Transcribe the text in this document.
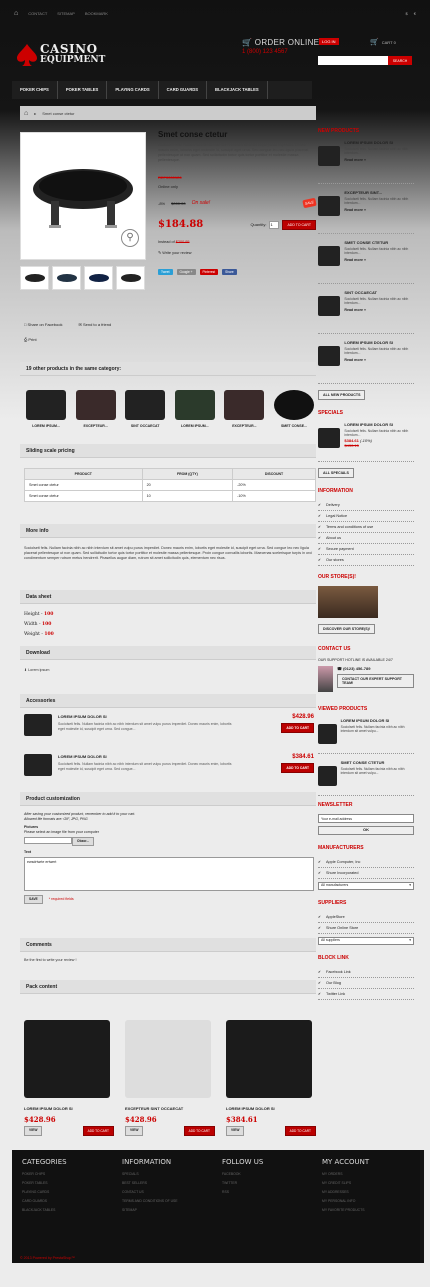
⌂	CONTACT	SITEMAP	BOOKMARK	$ €
CASINO
EQUIPMENT
🛒 ORDER ONLINE
1 (800) 123 4567
LOG IN	🛒 CART 0
SEARCH
POKER CHIPS	POKER TABLES	PLAYING CARDS	CARD GUARDS	BLACKJACK TABLES
⌂ ▸ Smet conse ctetur
⚲
Smet conse ctetur
Sociolseti felis. Nullam facinia nibh ac nibh interdum sit amet vulpu purus imperdiet. Donec mauris enim, lobortis eget molestie id, suscipit eget urna. Sed congue leo nec ligula placerat pellentesque ut non quam. Sed sollicitudin tortor quis tortor porttitor et molestie massa pellentesque.
REF0000126
Online only
-8% $000.00 On sale!	SALE
$184.88	Quantity:
1	ADD TO CART
Instead of $200.95
✎ Write your review
Tweet	Google +	Pinterest	Share
□ Share on Facebook	✉ Send to a friend
⎙ Print
19 other products in the same category:
LOREM IPSUM...	EXCEPTEUR...	SINT OCCAECAT	LOREM IPSUM...	EXCEPTEUR...	SMET CONSE...
Sliding scale pricing
PRODUCT	FROM (QTY)	DISCOUNT
Smet conse ctetur	20	-20%
Smet conse ctetur	10	-10%
More info
Sociolseti felis. Nullam facinia nibh ac nibh interdum sit amet vulpu purus imperdiet. Donec mauris enim, lobortis eget molestie id, suscipit eget urna. Sed congue leo nec ligula placerat pellentesque ut non quam. Sed sollicitudin tortor quis tortor porttitor et molestie massa pellentesque. Proin congue convallis lobortis. Maecenas scelerisque turpis in orci condimentum semper rutrum metus hendrerit. Phasellus augue diam, rutrum sit amet sollicitudin quis, elementum nec risus.
Data sheet
Height - 100
Width - 100
Weight - 100
Download
⬇ Lorem ipsum
Accessories
LOREM IPSUM DOLOR SI
Sociolseti felis. Nullam facinia nibh ac nibh interdum sit amet vulpu purus imperdiet. Donec mauris enim, lobortis eget molestie id, suscipit eget urna. Sed congue...
$428.96
ADD TO CART
LOREM IPSUM DOLOR SI
Sociolseti felis. Nullam facinia nibh ac nibh interdum sit amet vulpu purus imperdiet. Donec mauris enim, lobortis eget molestie id, suscipit eget urna. Sed congue...
$384.61
ADD TO CART
Product customization
After saving your customized product, remember to add it to your cart.
Allowed file formats are: GIF, JPG, PNG
Pictures
Please select an image file from your computer
Obzor...
Text
ewsdrtwrte ertwert
SAVE	* required fields
Comments
Be the first to write your review !
Pack content
LOREM IPSUM DOLOR SI
$428.96
VIEW	ADD TO CART
EXCEPTEUR SINT OCCAECAT
$428.96
VIEW	ADD TO CART
LOREM IPSUM DOLOR SI
$384.61
VIEW	ADD TO CART
NEW PRODUCTS
LOREM IPSUM DOLOR SI
Sociolseti felis. Nullam facinia nibh ac nibh interdum...
Read more »
EXCEPTEUR SINT...
Sociolseti felis. Nullam facinia nibh ac nibh interdum...
Read more »
SMET CONSE CTETUR
Sociolseti felis. Nullam facinia nibh ac nibh interdum...
Read more »
SINT OCCAECAT
Sociolseti felis. Nullam facinia nibh ac nibh interdum...
Read more »
LOREM IPSUM DOLOR SI
Sociolseti felis. Nullam facinia nibh ac nibh interdum...
Read more »
ALL NEW PRODUCTS
SPECIALS
LOREM IPSUM DOLOR SI
Sociolseti felis. Nullam facinia nibh ac nibh interdum...
$384.61 (-10%)
$430.15
ALL SPECIALS
INFORMATION
✔ Delivery
✔ Legal Notice
✔ Terms and conditions of use
✔ About us
✔ Secure payment
✔ Our stores
OUR STORE(S)!
DISCOVER OUR STORE(S)!
CONTACT US
OUR SUPPORT HOTLINE IS AVAILABLE 24/7
☎ (0123) 456-789
CONTACT OUR EXPERT SUPPORT TEAM!
VIEWED PRODUCTS
LOREM IPSUM DOLOR SI
Sociolseti felis. Nullam facinia nibh ac nibh interdum sit amet vulpu...
SMET CONSE CTETUR
Sociolseti felis. Nullam facinia nibh ac nibh interdum sit amet vulpu...
NEWSLETTER
Your e-mail address
OK
MANUFACTURERS
✔ Apple Computer, Inc
✔ Shure Incorporated
All manufacturers ▾
SUPPLIERS
✔ AppleStore
✔ Shure Online Store
All suppliers ▾
BLOCK LINK
✔ Facebook Link
✔ Our Blog
✔ Twitter Link
CATEGORIES
POKER CHIPS
POKER TABLES
PLAYING CARDS
CARD GUARDS
BLACKJACK TABLES
INFORMATION
SPECIALS
BEST SELLERS
CONTACT US
TERMS AND CONDITIONS OF USE
SITEMAP
FOLLOW US
FACEBOOK
TWITTER
RSS
MY ACCOUNT
MY ORDERS
MY CREDIT SLIPS
MY ADDRESSES
MY PERSONAL INFO
MY FAVORITE PRODUCTS
© 2013 Powered by PrestaShop™
